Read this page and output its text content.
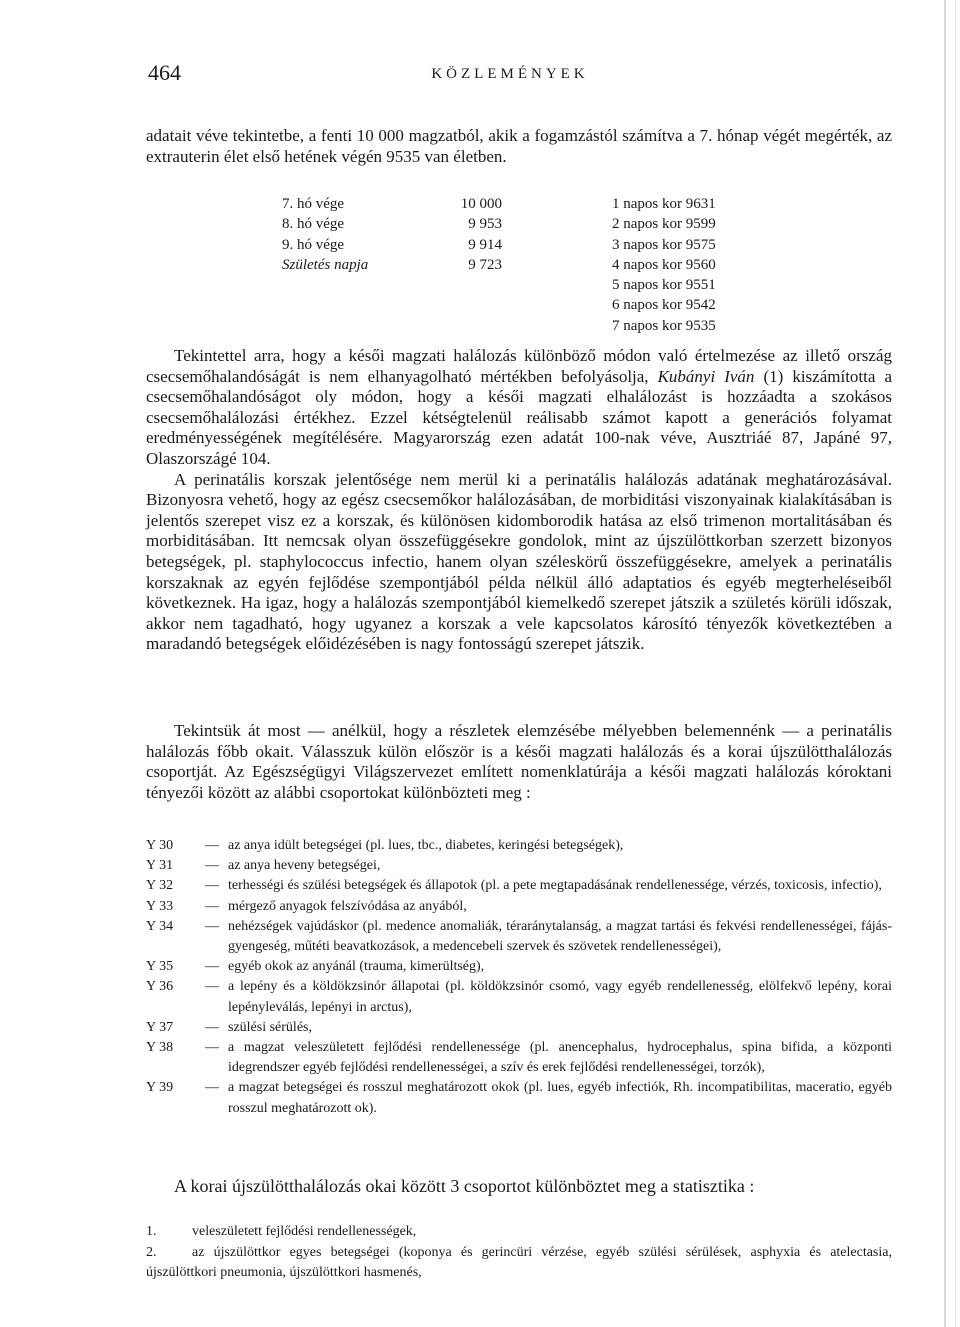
464	KÖZLEMÉNYEK

adatait véve tekintetbe, a fenti 10 000 magzatból, akik a fogamzástól számítva a 7. hónap végét megérték, az extrauterin élet első hetének végén 9535 van életben.

7. hó vége	10 000	1 napos kor 9631
8. hó vége	9 953	2 napos kor 9599
9. hó vége	9 914	3 napos kor 9575
Születés napja	9 723	4 napos kor 9560
		5 napos kor 9551
		6 napos kor 9542
		7 napos kor 9535

Tekintettel arra, hogy a késői magzati halálozás különböző módon való értelmezése az illető ország csecsemőhalandóságát is nem elhanyagolható mértékben befolyásolja, Kubányi Iván (1) kiszámította a csecsemőhalandóságot oly módon, hogy a késői magzati elhalálozást is hozzáadta a szokásos csecsemőhalálozási értékhez. Ezzel kétségtelenül reálisabb számot kapott a generációs folyamat eredményességének megítélésére. Magyarország ezen adatát 100-nak véve, Ausztriáé 87, Japáné 97, Olaszországé 104.
A perinatális korszak jelentősége nem merül ki a perinatális halálozás adatának meghatározásával. Bizonyosra vehető, hogy az egész csecsemőkor halálozásában, de morbiditási viszonyainak kialakításában is jelentős szerepet visz ez a korszak, és különösen kidomborodik hatása az első trimenon mortalitásában és morbiditásában. Itt nemcsak olyan összefüggésekre gondolok, mint az újszülöttkorban szerzett bizonyos betegségek, pl. staphylococcus infectio, hanem olyan széleskörű összefüggésekre, amelyek a perinatális korszaknak az egyén fejlődése szempontjából példa nélkül álló adaptatios és egyéb megterheléseiből következnek. Ha igaz, hogy a halálozás szempontjából kiemelkedő szerepet játszik a születés körüli időszak, akkor nem tagadható, hogy ugyanez a korszak a vele kapcsolatos károsító tényezők következtében a maradandó betegségek előidézésében is nagy fontosságú szerepet játszik.

Tekintsük át most — anélkül, hogy a részletek elemzésébe mélyebben belemennénk — a perinatális halálozás főbb okait. Válasszuk külön először is a késői magzati halálozás és a korai újszülötthalálozás csoportját. Az Egészségügyi Világszervezet említett nomenklatúrája a késői magzati halálozás kóroktani tényezői között az alábbi csoportokat különbözteti meg :

Y 30	— az anya idült betegségei (pl. lues, tbc., diabetes, keringési betegségek),
Y 31	— az anya heveny betegségei,
Y 32	— terhességi és szülési betegségek és állapotok (pl. a pete megtapadásának rendellenessége, vérzés, toxicosis, infectio),
Y 33	— mérgező anyagok felszívódása az anyából,
Y 34	— nehézségek vajúdáskor (pl. medence anomaliák, téraránytalanság, a magzat tartási és fekvési rendellenességei, fájás-gyengeség, műtéti beavatkozások, a medencebeli szervek és szövetek rendellenességei),
Y 35	— egyéb okok az anyánál (trauma, kimerültség),
Y 36	— a lepény és a köldökzsinór állapotai (pl. köldökzsinór csomó, vagy egyéb rendellenesség, elölfekvő lepény, korai lepényleválás, lepényi in arctus),
Y 37	— szülési sérülés,
Y 38	— a magzat veleszületett fejlődési rendellenessége (pl. anencephalus, hydrocephalus, spina bifida, a központi idegrendszer egyéb fejlődési rendellenességei, a szív és erek fejlődési rendellenességei, torzók),
Y 39	— a magzat betegségei és rosszul meghatározott okok (pl. lues, egyéb infectiók, Rh. incompatibilitas, maceratio, egyéb rosszul meghatározott ok).

A korai újszülötthalálozás okai között 3 csoportot különböztet meg a statisztika :

1.	veleszületett fejlődési rendellenességek,
2.	az újszülöttkor egyes betegségei (koponya és gerincüri vérzése, egyéb szülési sérülések, asphyxia és atelectasia, újszülöttkori pneumonia, újszülöttkori hasmenés,
